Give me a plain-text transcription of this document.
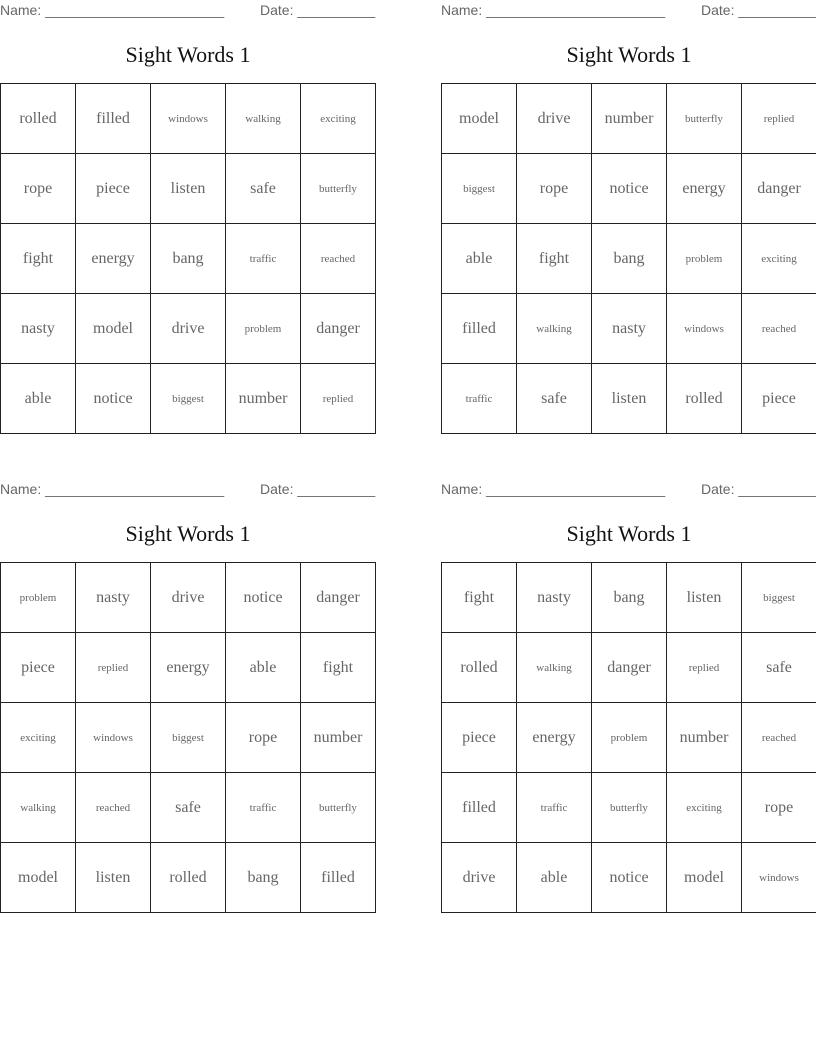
Name: _______________________	Date: __________
Sight Words 1
rolled	filled	windows	walking	exciting
rope	piece	listen	safe	butterfly
fight	energy	bang	traffic	reached
nasty	model	drive	problem	danger
able	notice	biggest	number	replied
Name: _______________________	Date: __________
Sight Words 1
model	drive	number	butterfly	replied
biggest	rope	notice	energy	danger
able	fight	bang	problem	exciting
filled	walking	nasty	windows	reached
traffic	safe	listen	rolled	piece
Name: _______________________	Date: __________
Sight Words 1
problem	nasty	drive	notice	danger
piece	replied	energy	able	fight
exciting	windows	biggest	rope	number
walking	reached	safe	traffic	butterfly
model	listen	rolled	bang	filled
Name: _______________________	Date: __________
Sight Words 1
fight	nasty	bang	listen	biggest
rolled	walking	danger	replied	safe
piece	energy	problem	number	reached
filled	traffic	butterfly	exciting	rope
drive	able	notice	model	windows
